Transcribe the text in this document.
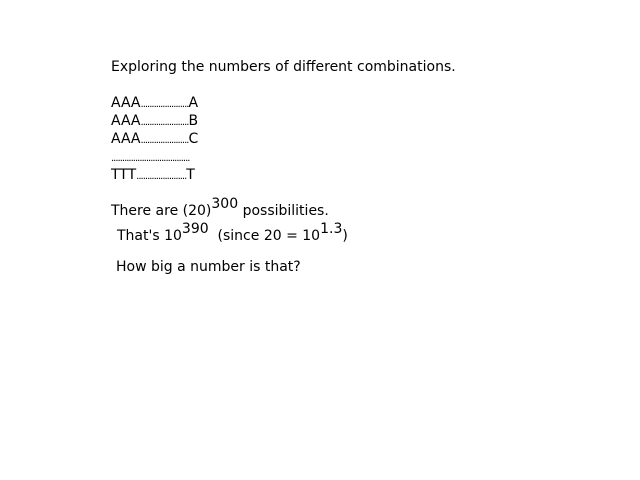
Exploring the numbers of different combinations.
AAA......................A
AAA......................B
AAA......................C
....................................
TTT.......................T
There are (20)300 possibilities.
That's 10390  (since 20 = 101.3)
How big a number is that?
